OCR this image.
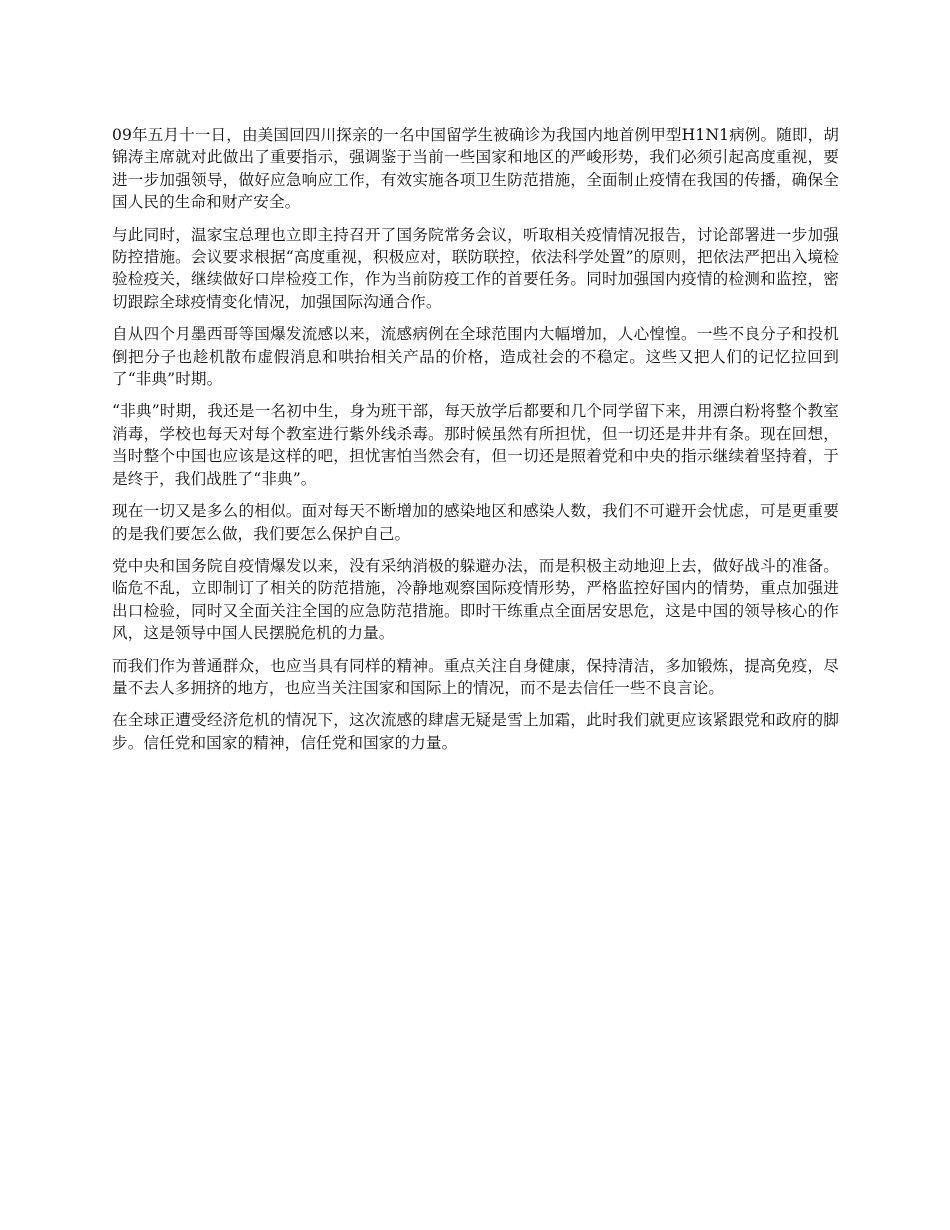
09年五月十一日，由美国回四川探亲的一名中国留学生被确诊为我国内地首例甲型H1N1病例。随即，胡锦涛主席就对此做出了重要指示，强调鉴于当前一些国家和地区的严峻形势，我们必须引起高度重视，要进一步加强领导，做好应急响应工作，有效实施各项卫生防范措施，全面制止疫情在我国的传播，确保全国人民的生命和财产安全。

与此同时，温家宝总理也立即主持召开了国务院常务会议，听取相关疫情情况报告，讨论部署进一步加强防控措施。会议要求根据“高度重视，积极应对，联防联控，依法科学处置”的原则，把依法严把出入境检验检疫关，继续做好口岸检疫工作，作为当前防疫工作的首要任务。同时加强国内疫情的检测和监控，密切跟踪全球疫情变化情况，加强国际沟通合作。

自从四个月墨西哥等国爆发流感以来，流感病例在全球范围内大幅增加，人心惶惶。一些不良分子和投机倒把分子也趁机散布虚假消息和哄抬相关产品的价格，造成社会的不稳定。这些又把人们的记忆拉回到了“非典”时期。

“非典”时期，我还是一名初中生，身为班干部，每天放学后都要和几个同学留下来，用漂白粉将整个教室消毒，学校也每天对每个教室进行紫外线杀毒。那时候虽然有所担忧，但一切还是井井有条。现在回想，当时整个中国也应该是这样的吧，担忧害怕当然会有，但一切还是照着党和中央的指示继续着坚持着，于是终于，我们战胜了“非典”。

现在一切又是多么的相似。面对每天不断增加的感染地区和感染人数，我们不可避开会忧虑，可是更重要的是我们要怎么做，我们要怎么保护自己。

党中央和国务院自疫情爆发以来，没有采纳消极的躲避办法，而是积极主动地迎上去，做好战斗的准备。临危不乱，立即制订了相关的防范措施，冷静地观察国际疫情形势，严格监控好国内的情势，重点加强进出口检验，同时又全面关注全国的应急防范措施。即时干练重点全面居安思危，这是中国的领导核心的作风，这是领导中国人民摆脱危机的力量。

而我们作为普通群众，也应当具有同样的精神。重点关注自身健康，保持清洁，多加锻炼，提高免疫，尽量不去人多拥挤的地方，也应当关注国家和国际上的情况，而不是去信任一些不良言论。

在全球正遭受经济危机的情况下，这次流感的肆虐无疑是雪上加霜，此时我们就更应该紧跟党和政府的脚步。信任党和国家的精神，信任党和国家的力量。
